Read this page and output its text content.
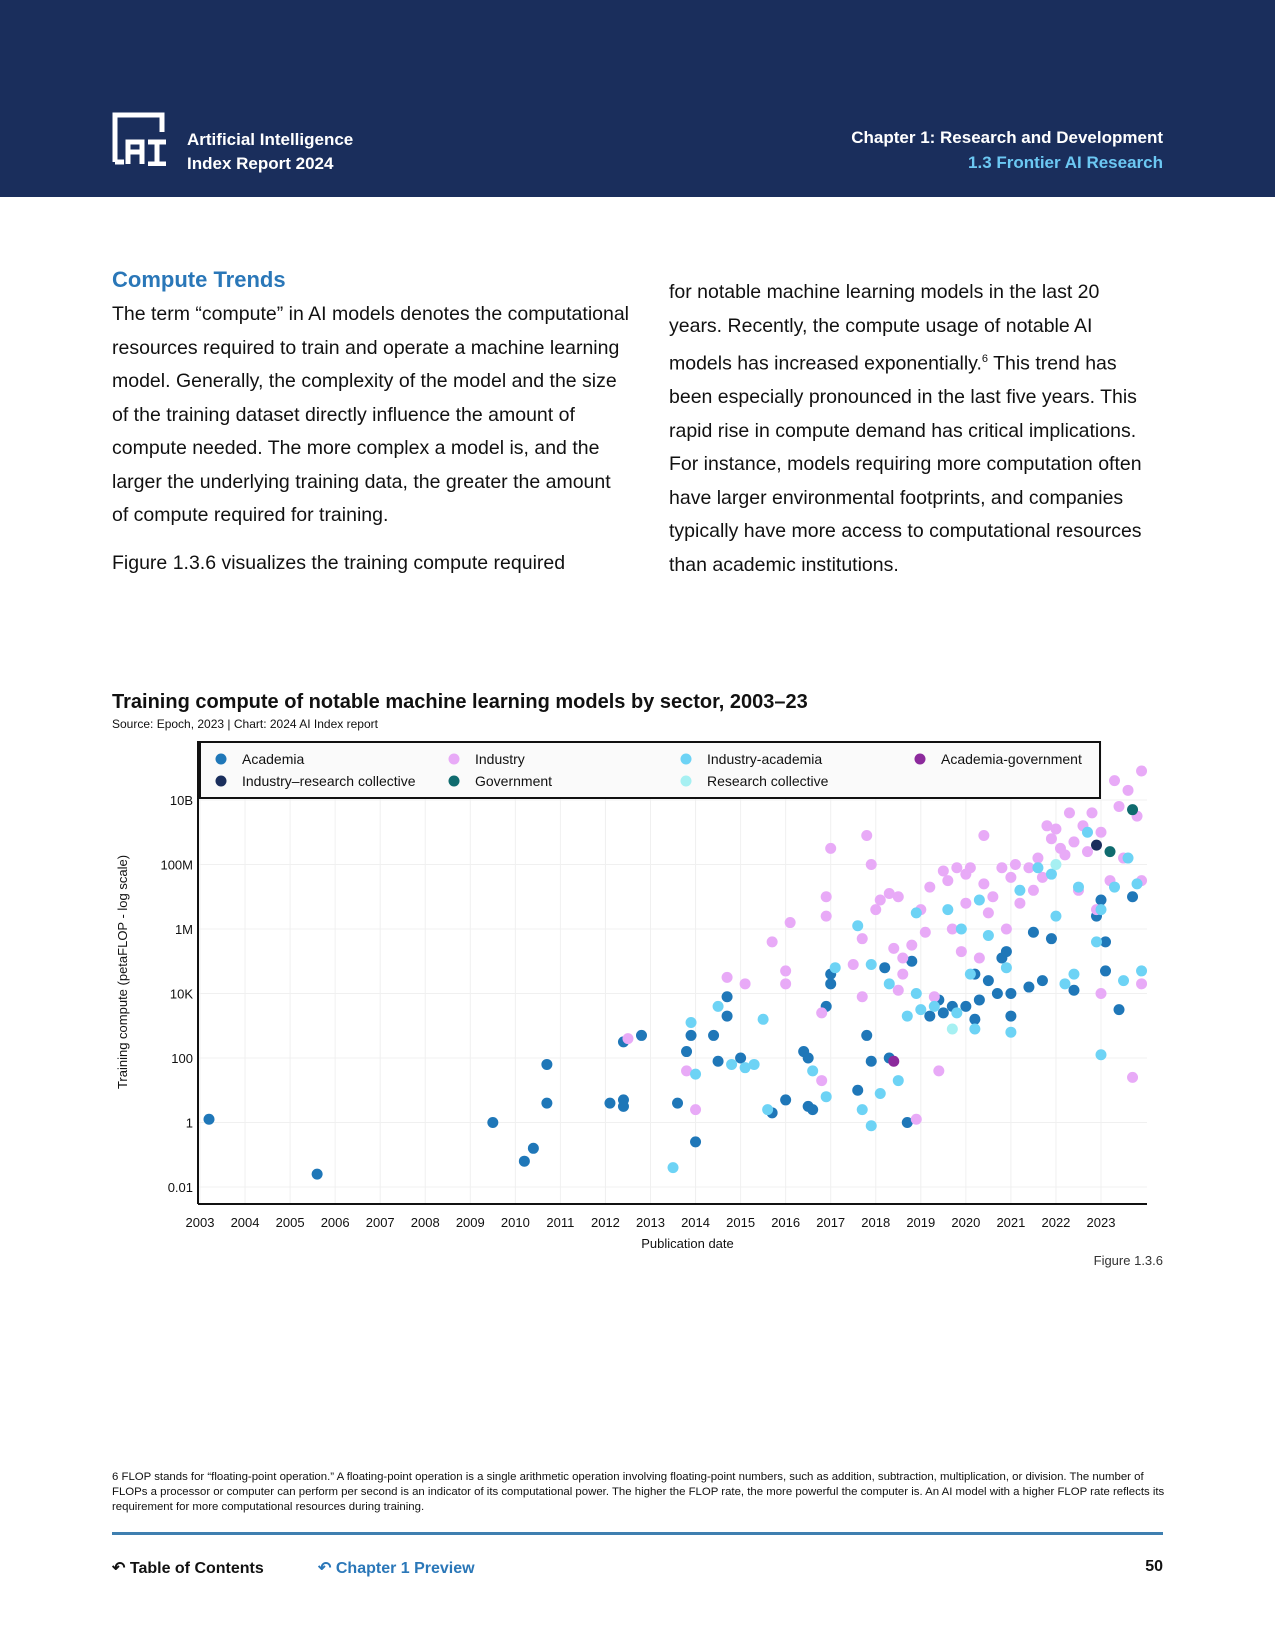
Artificial Intelligence
Index Report 2024
Chapter 1: Research and Development
1.3 Frontier AI Research
Compute Trends

The term “compute” in AI models denotes the computational resources required to train and operate a machine learning model. Generally, the complexity of the model and the size of the training dataset directly influence the amount of compute needed. The more complex a model is, and the larger the underlying training data, the greater the amount of compute required for training.

Figure 1.3.6 visualizes the training compute required

for notable machine learning models in the last 20 years. Recently, the compute usage of notable AI models has increased exponentially.$^6$ This trend has been especially pronounced in the last five years. This rapid rise in compute demand has critical implications. For instance, models requiring more computation often have larger environmental footprints, and companies typically have more access to computational resources than academic institutions.

Training compute of notable machine learning models by sector, 2003–23
Source: Epoch, 2023 | Chart: 2024 AI Index report
2003 2004 2005 2006 2007 2008 2009 2010 2011 2012 2013 2014 2015 2016 2017 2018 2019 2020 2021 2022 2023
0.01
1
100
10K
1M
100M
10B
Publication date
Training compute (petaFLOP - log scale)
Academia	Industry	Industry-academia	Academia-government
Industry–research collective	Government	Research collective
Figure 1.3.6
6 FLOP stands for “floating-point operation.” A floating-point operation is a single arithmetic operation involving floating-point numbers, such as addition, subtraction, multiplication, or division. The number of FLOPs a processor or computer can perform per second is an indicator of its computational power. The higher the FLOP rate, the more powerful the computer is. An AI model with a higher FLOP rate reflects its requirement for more computational resources during training.
↶ Table of Contents	↶ Chapter 1 Preview	50
